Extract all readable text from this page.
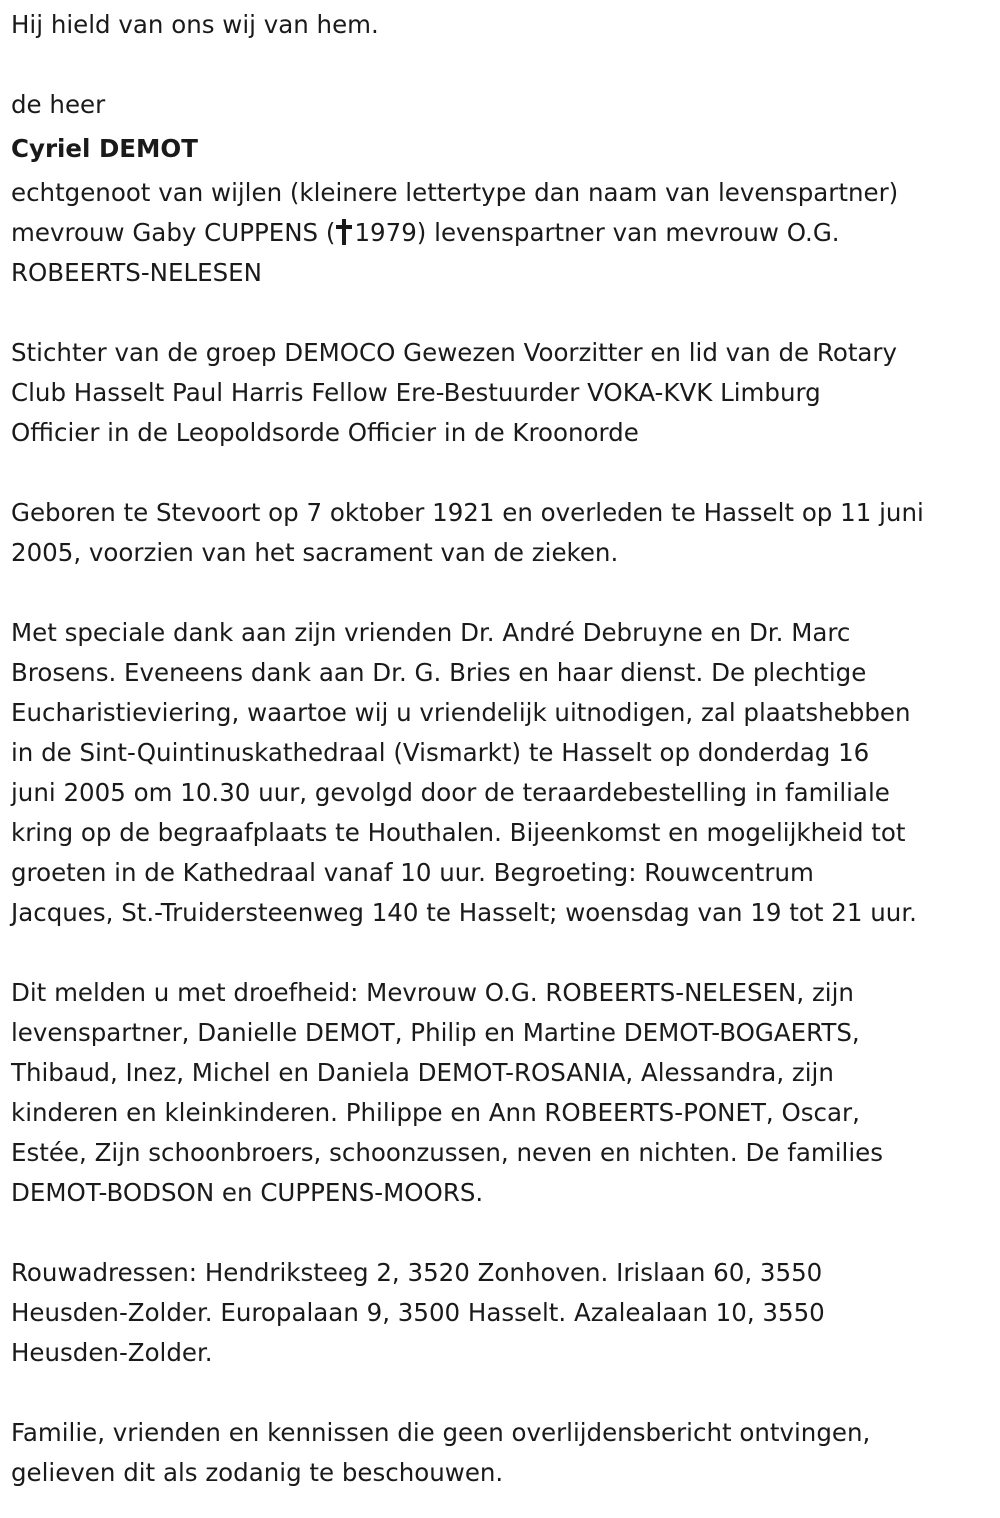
Hij hield van ons wij van hem.

de heer

Cyriel DEMOT

echtgenoot van wijlen (kleinere lettertype dan naam van levenspartner)

mevrouw Gaby CUPPENS ( 1979) levenspartner van mevrouw O.G.

ROBEERTS-NELESEN

Stichter van de groep DEMOCO Gewezen Voorzitter en lid van de Rotary

Club Hasselt Paul Harris Fellow Ere-Bestuurder VOKA-KVK Limburg

Officier in de Leopoldsorde Officier in de Kroonorde

Geboren te Stevoort op 7 oktober 1921 en overleden te Hasselt op 11 juni

2005, voorzien van het sacrament van de zieken.

Met speciale dank aan zijn vrienden Dr. André Debruyne en Dr. Marc

Brosens. Eveneens dank aan Dr. G. Bries en haar dienst. De plechtige

Eucharistieviering, waartoe wij u vriendelijk uitnodigen, zal plaatshebben

in de Sint-Quintinuskathedraal (Vismarkt) te Hasselt op donderdag 16

juni 2005 om 10.30 uur, gevolgd door de teraardebestelling in familiale

kring op de begraafplaats te Houthalen. Bijeenkomst en mogelijkheid tot

groeten in de Kathedraal vanaf 10 uur. Begroeting: Rouwcentrum

Jacques, St.-Truidersteenweg 140 te Hasselt; woensdag van 19 tot 21 uur.

Dit melden u met droefheid: Mevrouw O.G. ROBEERTS-NELESEN, zijn

levenspartner, Danielle DEMOT, Philip en Martine DEMOT-BOGAERTS,

Thibaud, Inez, Michel en Daniela DEMOT-ROSANIA, Alessandra, zijn

kinderen en kleinkinderen. Philippe en Ann ROBEERTS-PONET, Oscar,

Estée, Zijn schoonbroers, schoonzussen, neven en nichten. De families

DEMOT-BODSON en CUPPENS-MOORS.

Rouwadressen: Hendriksteeg 2, 3520 Zonhoven. Irislaan 60, 3550

Heusden-Zolder. Europalaan 9, 3500 Hasselt. Azalealaan 10, 3550

Heusden-Zolder.

Familie, vrienden en kennissen die geen overlijdensbericht ontvingen,

gelieven dit als zodanig te beschouwen.
